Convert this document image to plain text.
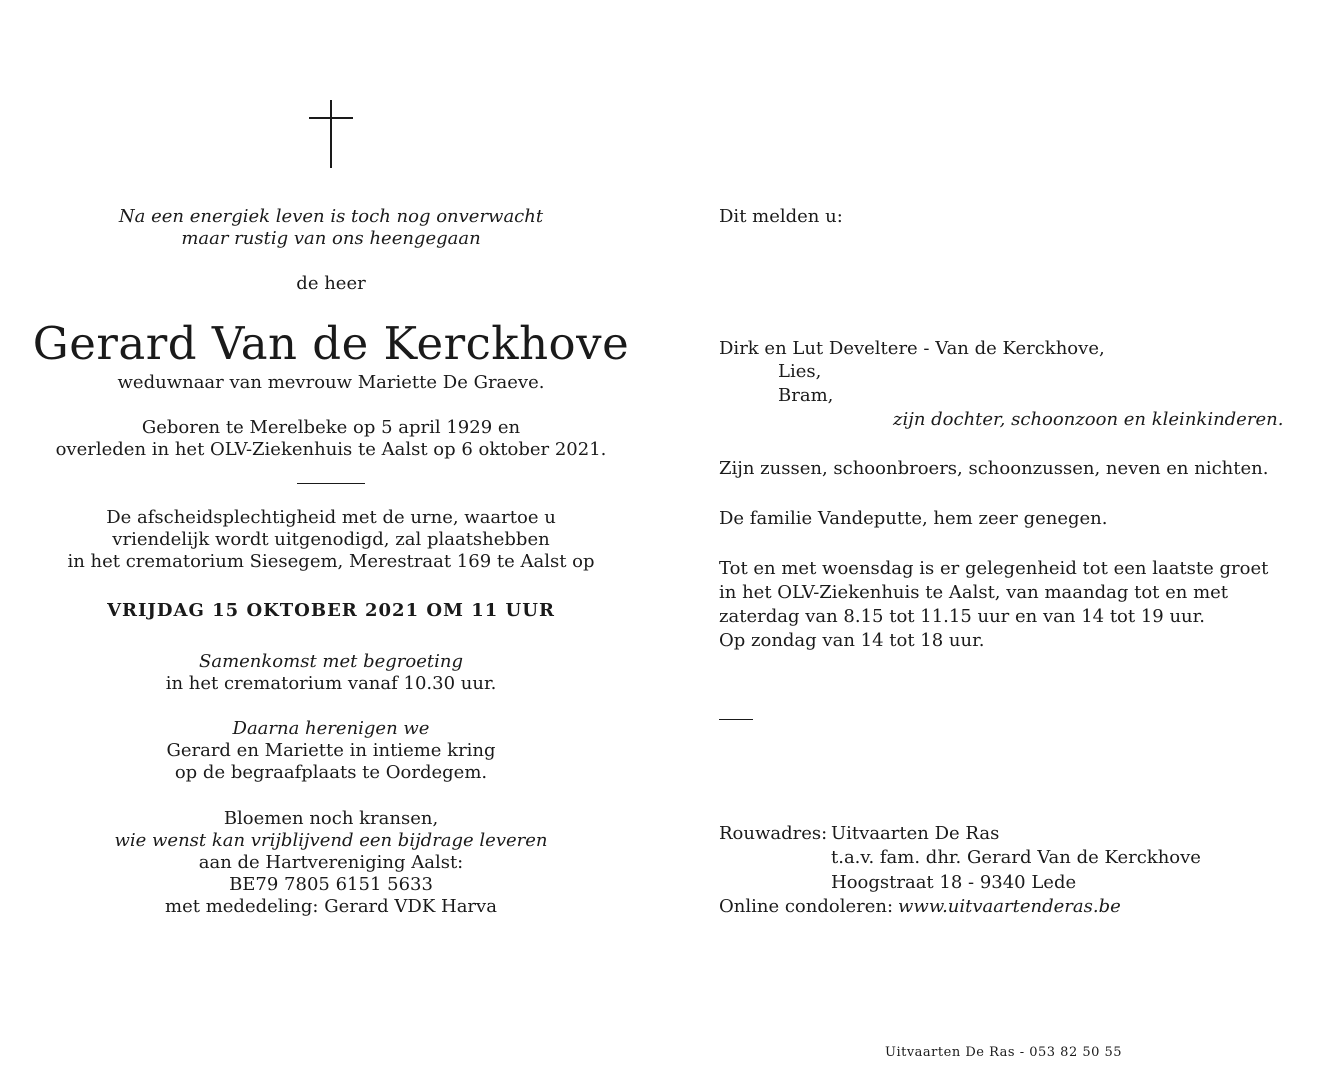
Na een energiek leven is toch nog onverwacht
maar rustig van ons heengegaan
de heer
Gerard Van de Kerckhove
weduwnaar van mevrouw Mariette De Graeve.
Geboren te Merelbeke op 5 april 1929 en
overleden in het OLV-Ziekenhuis te Aalst op 6 oktober 2021.
De afscheidsplechtigheid met de urne, waartoe u
vriendelijk wordt uitgenodigd, zal plaatshebben
in het crematorium Siesegem, Merestraat 169 te Aalst op
VRIJDAG 15 OKTOBER 2021 OM 11 UUR
Samenkomst met begroeting
in het crematorium vanaf 10.30 uur.
Daarna herenigen we
Gerard en Mariette in intieme kring
op de begraafplaats te Oordegem.
Bloemen noch kransen,
wie wenst kan vrijblijvend een bijdrage leveren
aan de Hartvereniging Aalst:
BE79 7805 6151 5633
met mededeling: Gerard VDK Harva
Dit melden u:
Dirk en Lut Develtere - Van de Kerckhove,
Lies,
Bram,
zijn dochter, schoonzoon en kleinkinderen.
Zijn zussen, schoonbroers, schoonzussen, neven en nichten.
De familie Vandeputte, hem zeer genegen.
Tot en met woensdag is er gelegenheid tot een laatste groet
in het OLV-Ziekenhuis te Aalst, van maandag tot en met
zaterdag van 8.15 tot 11.15 uur en van 14 tot 19 uur.
Op zondag van 14 tot 18 uur.
Rouwadres: Uitvaarten De Ras
t.a.v. fam. dhr. Gerard Van de Kerckhove
Hoogstraat 18 - 9340 Lede
Online condoleren: www.uitvaartenderas.be
Uitvaarten De Ras - 053 82 50 55
